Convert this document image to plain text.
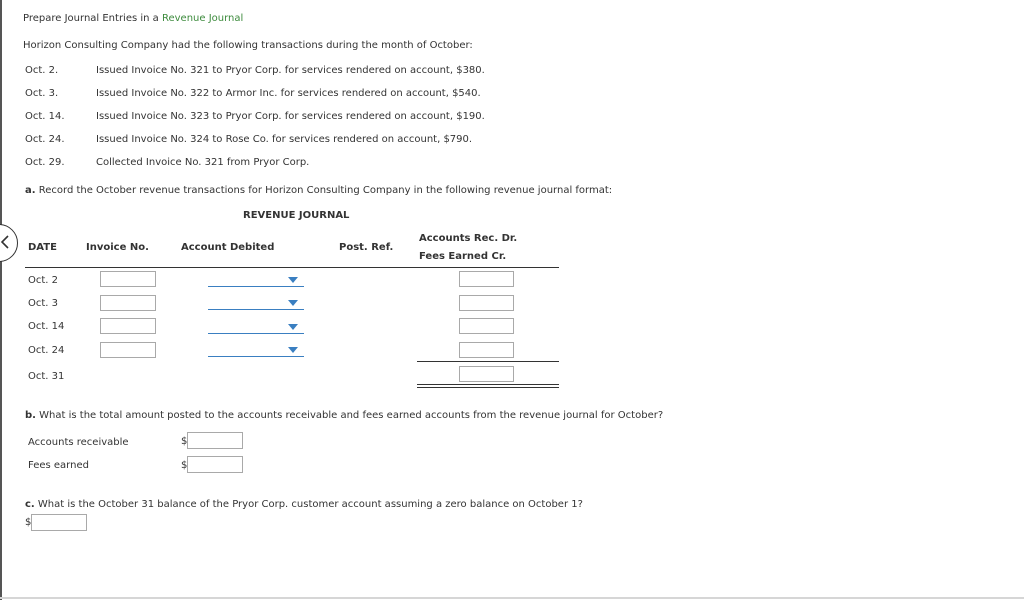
Prepare Journal Entries in a Revenue Journal
Horizon Consulting Company had the following transactions during the month of October:
Oct. 2.	Issued Invoice No. 321 to Pryor Corp. for services rendered on account, $380.
Oct. 3.	Issued Invoice No. 322 to Armor Inc. for services rendered on account, $540.
Oct. 14.	Issued Invoice No. 323 to Pryor Corp. for services rendered on account, $190.
Oct. 24.	Issued Invoice No. 324 to Rose Co. for services rendered on account, $790.
Oct. 29.	Collected Invoice No. 321 from Pryor Corp.
a. Record the October revenue transactions for Horizon Consulting Company in the following revenue journal format:
REVENUE JOURNAL
DATE	Invoice No.	Account Debited	Post. Ref.
Accounts Rec. Dr.
Fees Earned Cr.
Oct. 2
Oct. 3
Oct. 14
Oct. 24
Oct. 31
b. What is the total amount posted to the accounts receivable and fees earned accounts from the revenue journal for October?
Accounts receivable	$
Fees earned	$
c. What is the October 31 balance of the Pryor Corp. customer account assuming a zero balance on October 1?
$
